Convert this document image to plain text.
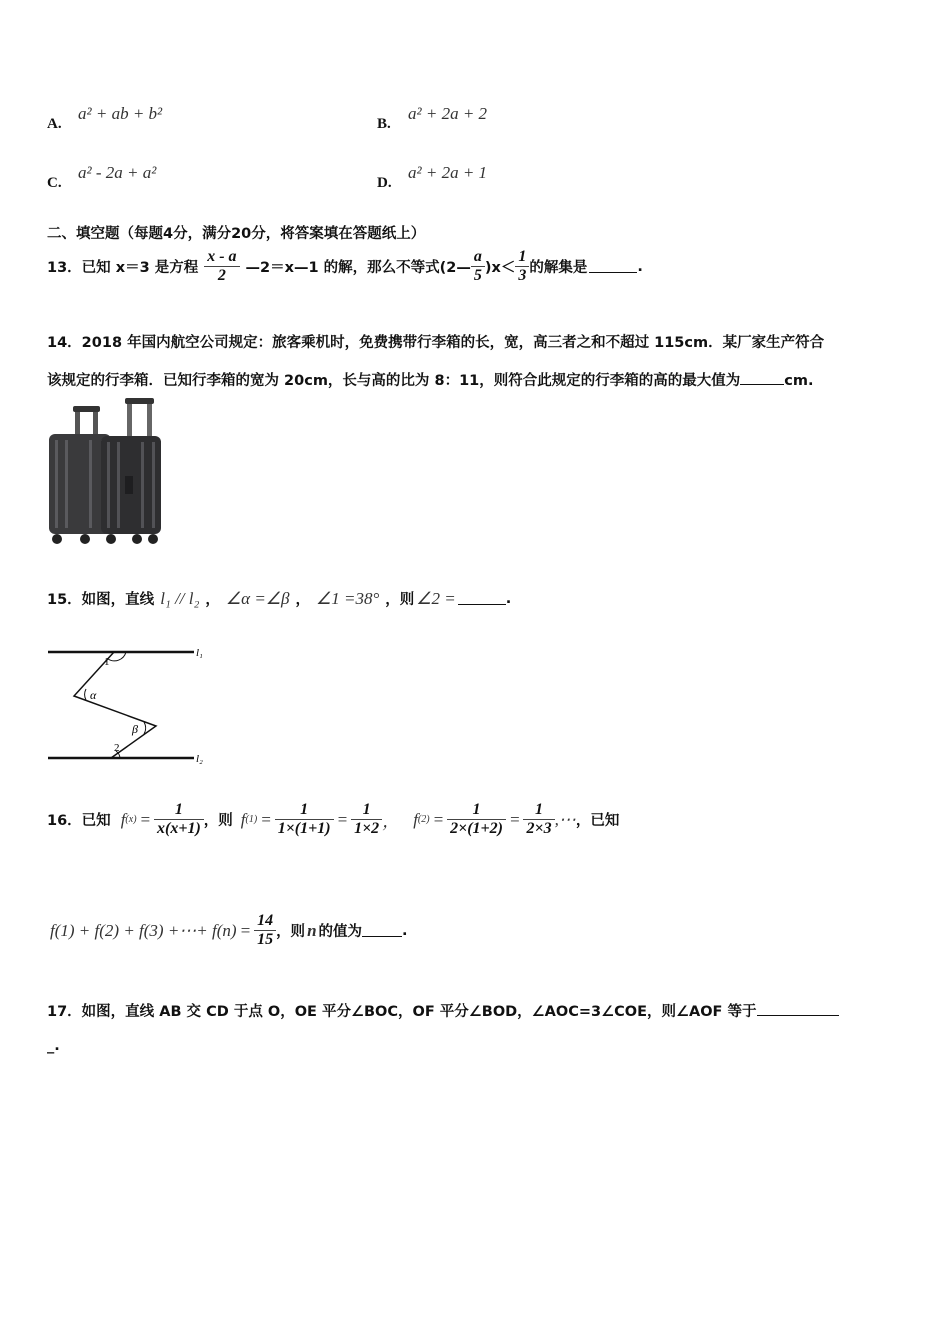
A.
a² + ab + b²
B.
a² + 2a + 2
C.
a² - 2a + a²
D.
a² + 2a + 1
二、填空题（每题4分，满分20分，将答案填在答题纸上）
13．已知 x＝3 是方程 $\frac{x - a}{2}$ —2＝x—1 的解，那么不等式(2— $\frac{a}{5} )x< \frac{1}{3}$ 的解集是	.
14．2018 年国内航空公司规定：旅客乘机时，免费携带行李箱的长，宽，高三者之和不超过 115cm．某厂家生产符合
该规定的行李箱．已知行李箱的宽为 20cm，长与高的比为 8：11，则符合此规定的行李箱的高的最大值为	cm.
15．如图，直线 l₁ // l₂ ， ∠α =∠β ， ∠1 =38° ，则 ∠2 =	.
1
α
β
2
l₁
l₂
16．已知 f $(x) = \frac{1}{x(x+1)}$ ，则 f $(1) = \frac{1}{1\times(1+1)} = \frac{1}{1\times 2}$ ， f $(2) = \frac{1}{2\times(1+2)} = \frac{1}{2\times 3}$ ,⋯ ，已知
f(1) + f(2) + f(3) +⋯+ $f(n) = \frac{14}{15}$ ，则 n 的值为	.
17．如图，直线 AB 交 CD 于点 O，OE 平分∠BOC，OF 平分∠BOD，∠AOC=3∠COE，则∠AOF 等于
_.
